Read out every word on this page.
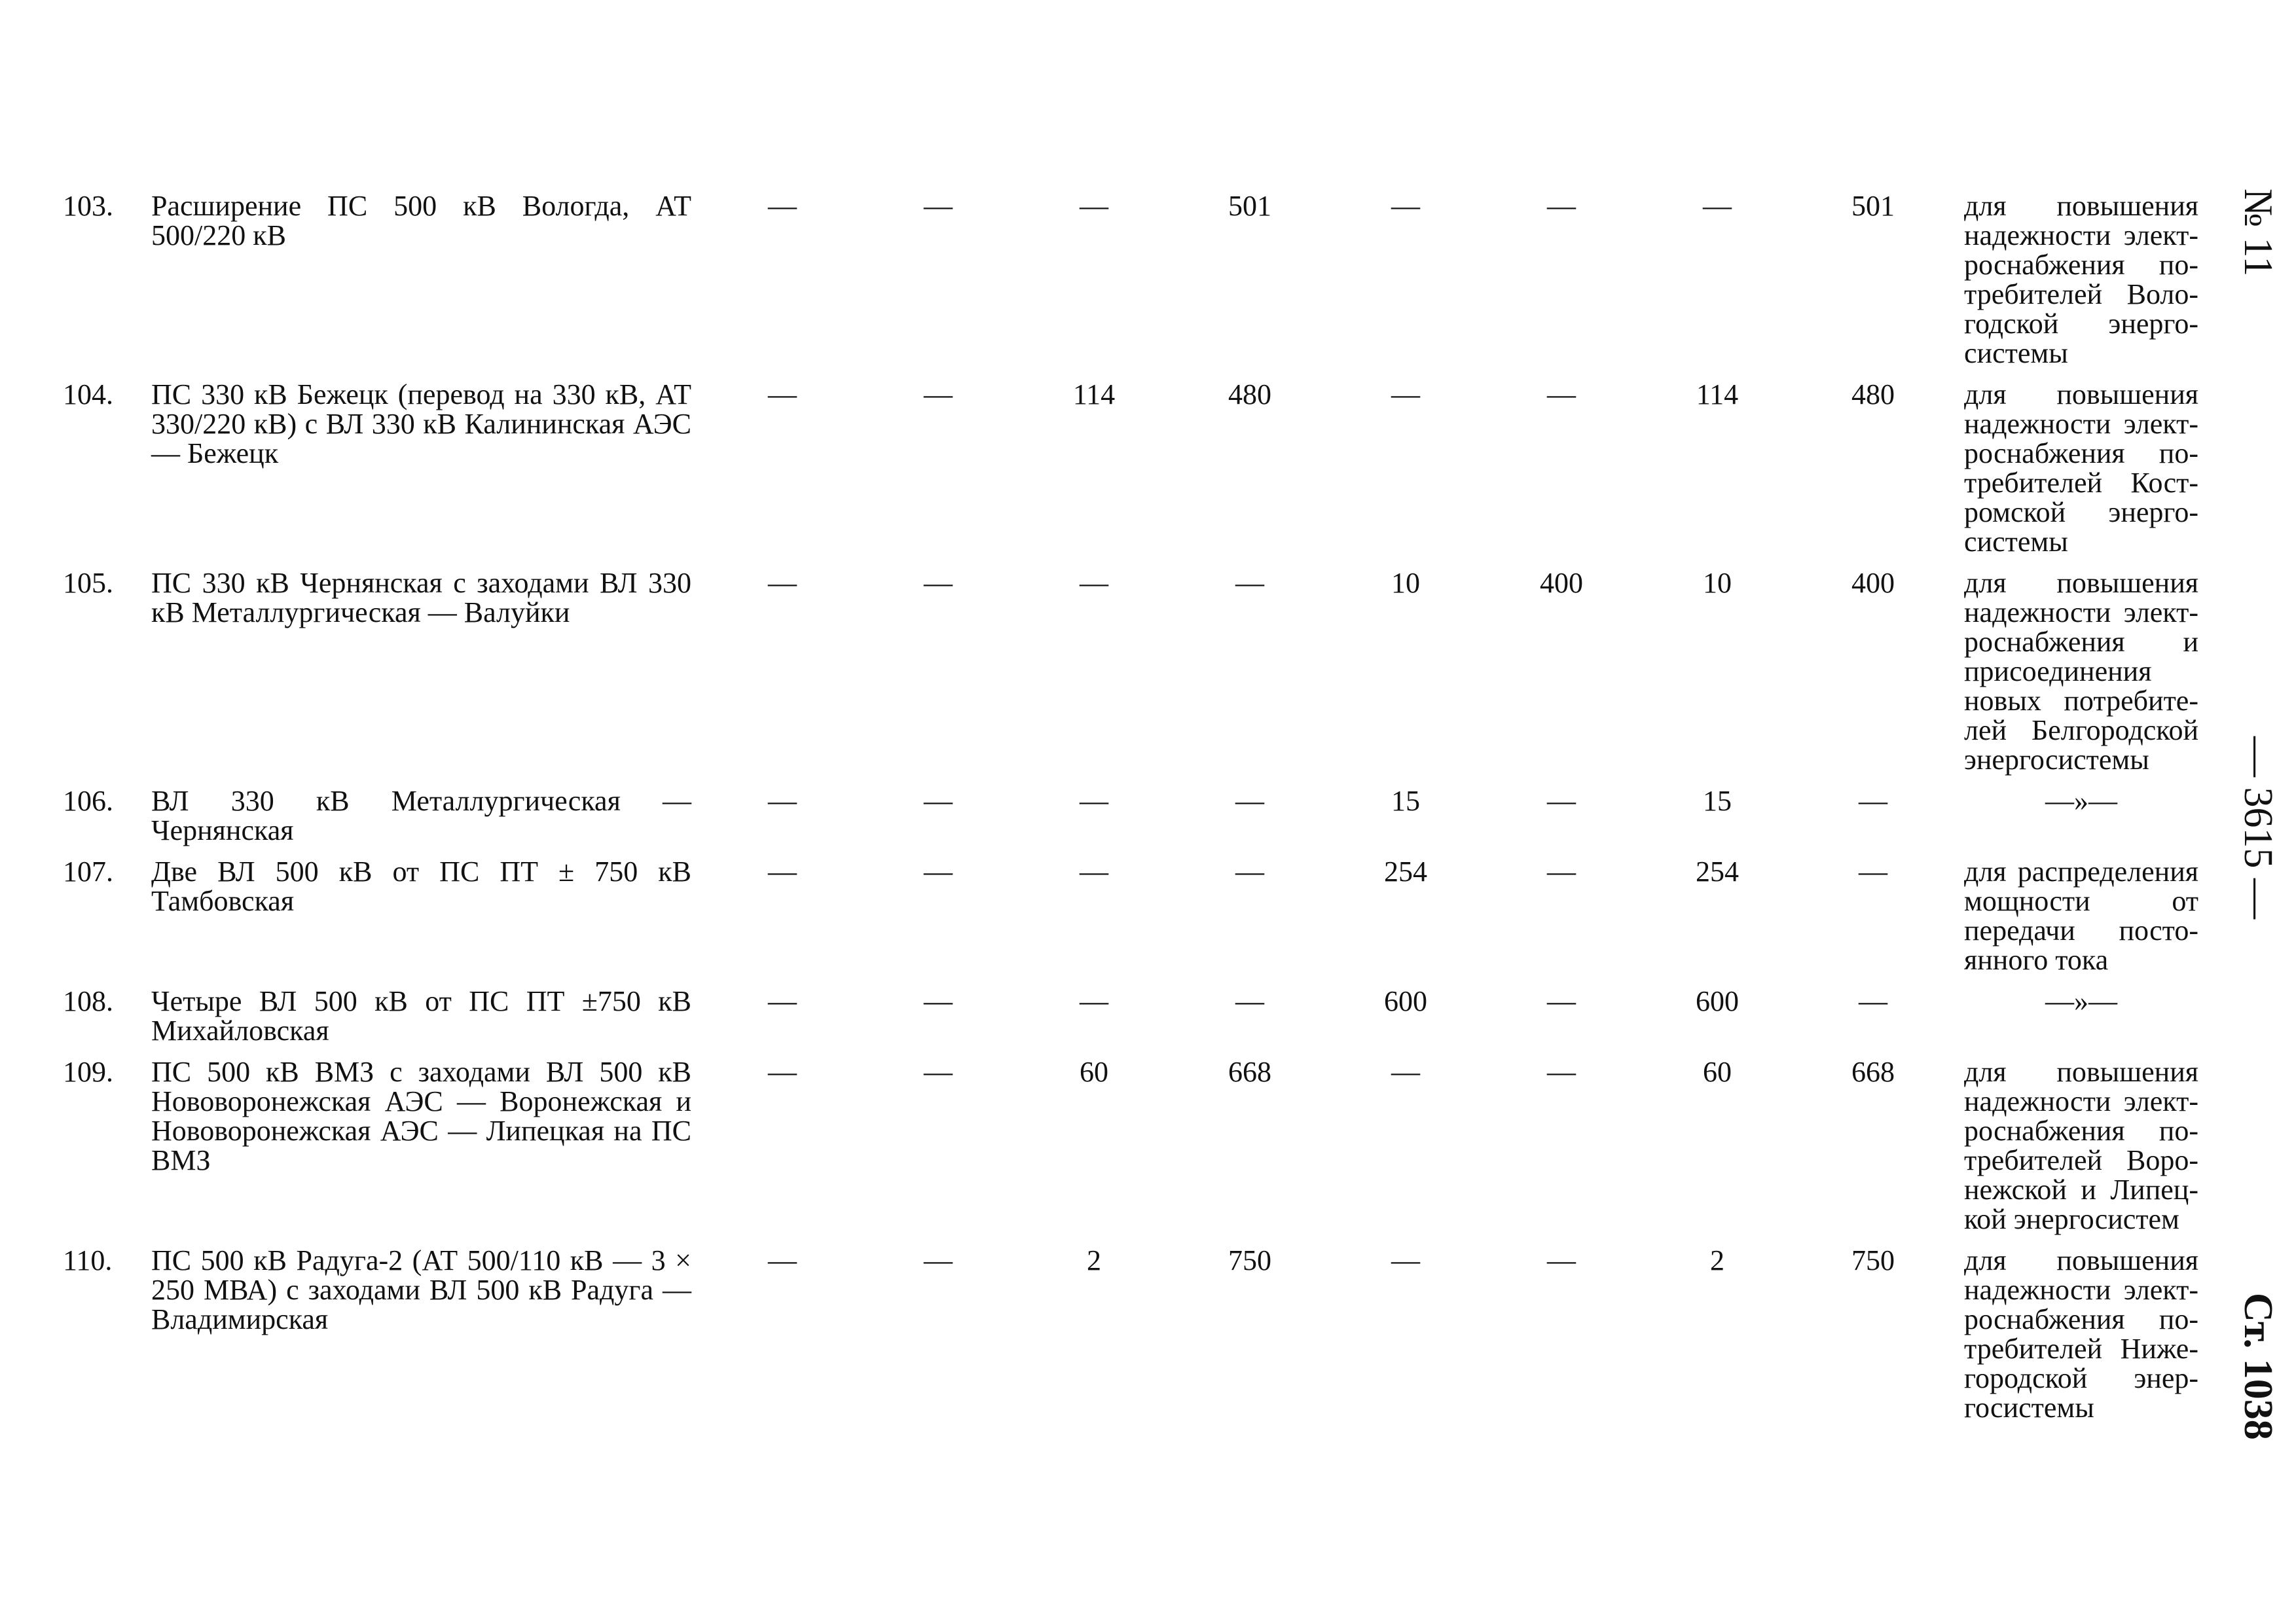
103.	Расширение ПС 500 кВ Вологда, АТ 500/220 кВ	—	—	—	501	—	—	—	501	для повышения надежности электроснабжения потребителей Вологодской энергосистемы
104.	ПС 330 кВ Бежецк (перевод на 330 кВ, АТ 330/220 кВ) с ВЛ 330 кВ Калининская АЭС — Бежецк	—	—	114	480	—	—	114	480	для повышения надежности электроснабжения потребителей Костромской энергосистемы
105.	ПС 330 кВ Чернянская с заходами ВЛ 330 кВ Металлургическая — Валуйки	—	—	—	—	10	400	10	400	для повышения надежности электроснабжения и присоединения новых потребителей Белгородской энергосистемы
106.	ВЛ 330 кВ Металлургическая — Чернянская	—	—	—	—	15	—	15	—	—»—
107.	Две ВЛ 500 кВ от ПС ПТ ± 750 кВ Тамбовская	—	—	—	—	254	—	254	—	для распределения мощности от передачи постоянного тока
108.	Четыре ВЛ 500 кВ от ПС ПТ ±750 кВ Михайловская	—	—	—	—	600	—	600	—	—»—
109.	ПС 500 кВ ВМЗ с заходами ВЛ 500 кВ Нововоронежская АЭС — Воронежская и Нововоронежская АЭС — Липецкая на ПС ВМЗ	—	—	60	668	—	—	60	668	для повышения надежности электроснабжения потребителей Воронежской и Липецкой энергосистем
110.	ПС 500 кВ Радуга-2 (АТ 500/110 кВ — 3 × 250 МВА) с заходами ВЛ 500 кВ Радуга — Владимирская	—	—	2	750	—	—	2	750	для повышения надежности электроснабжения потребителей Нижегородской энергосистемы
№ 11
— 3615 —
Ст. 1038
